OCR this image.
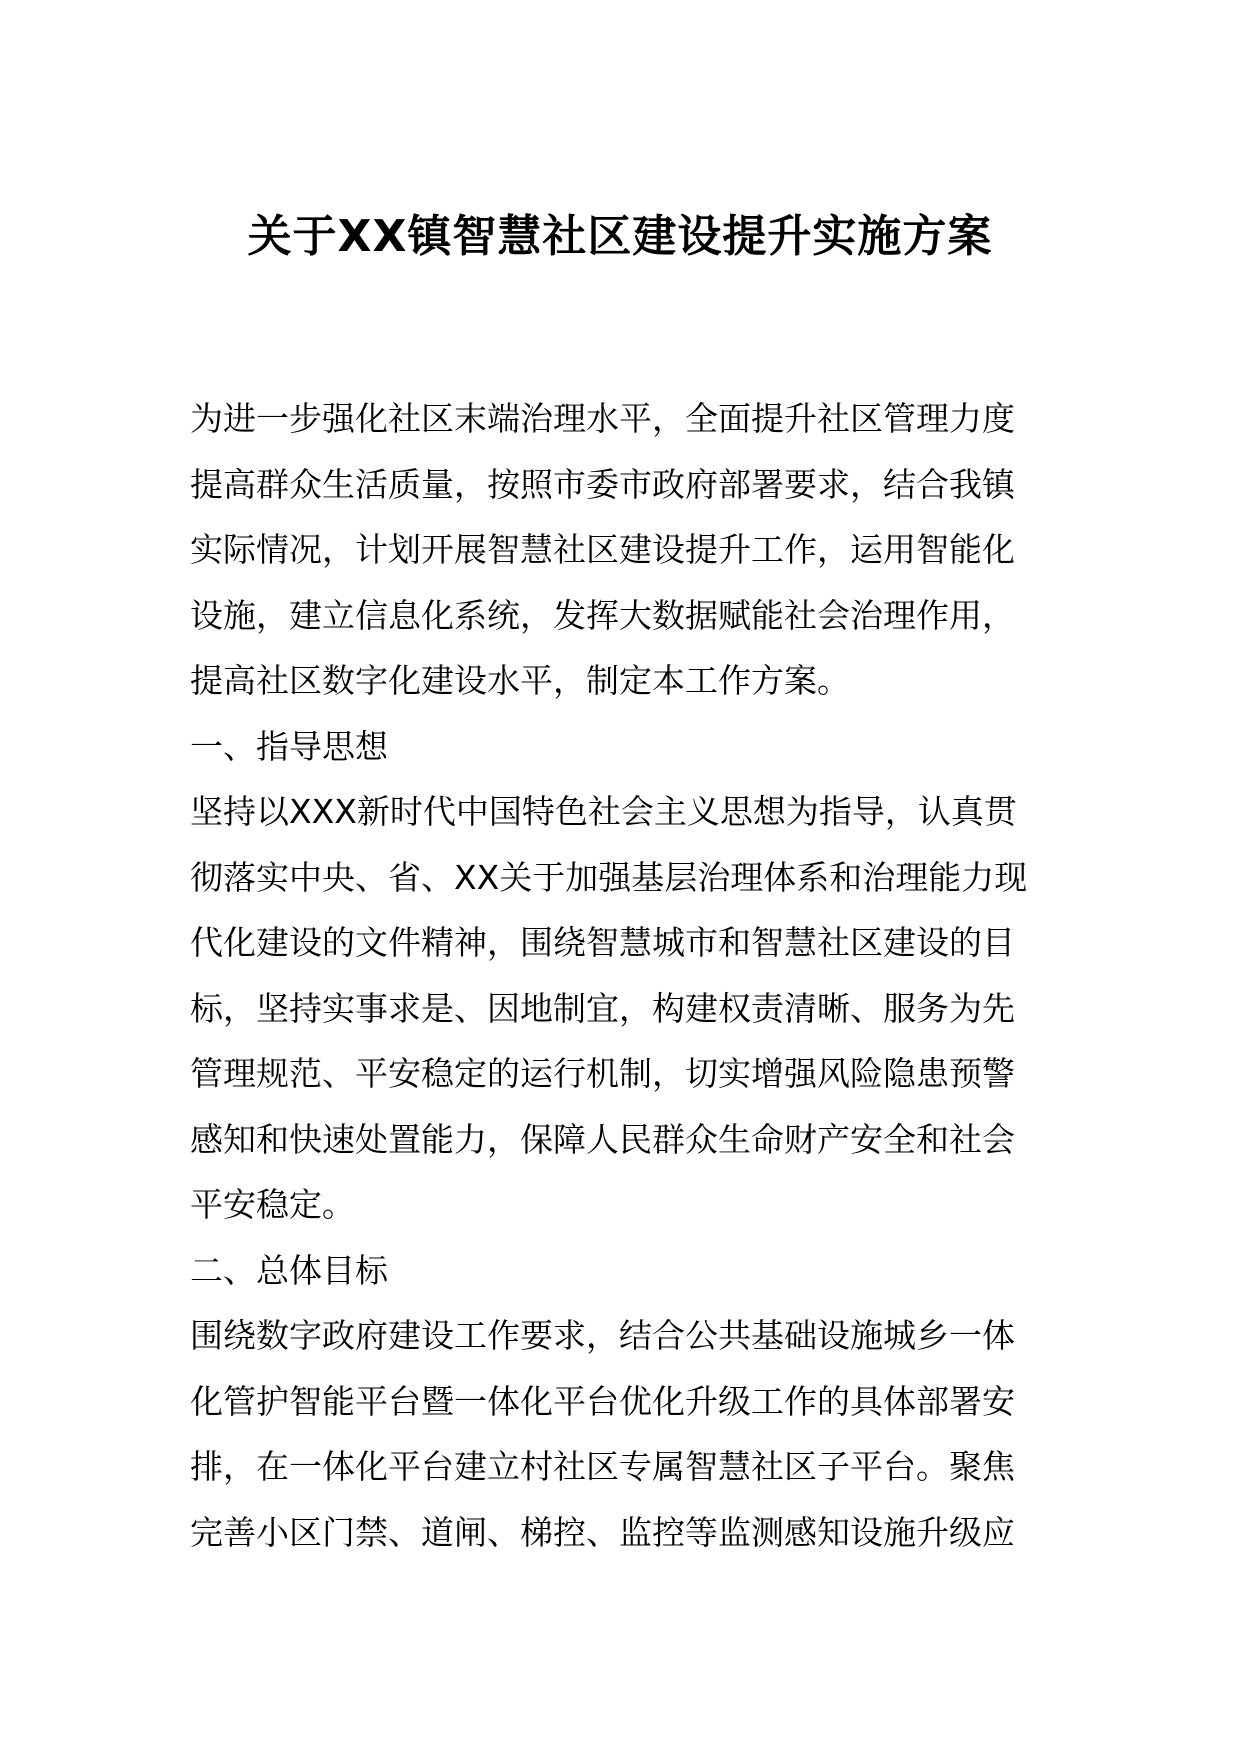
关于XX镇智慧社区建设提升实施方案
为进一步强化社区末端治理水平，全面提升社区管理力度
提高群众生活质量，按照市委市政府部署要求，结合我镇
实际情况，计划开展智慧社区建设提升工作，运用智能化
设施，建立信息化系统，发挥大数据赋能社会治理作用，
提高社区数字化建设水平，制定本工作方案。
一、指导思想
坚持以XXX新时代中国特色社会主义思想为指导，认真贯
彻落实中央、省、XX关于加强基层治理体系和治理能力现
代化建设的文件精神，围绕智慧城市和智慧社区建设的目
标，坚持实事求是、因地制宜，构建权责清晰、服务为先
管理规范、平安稳定的运行机制，切实增强风险隐患预警
感知和快速处置能力，保障人民群众生命财产安全和社会
平安稳定。
二、总体目标
围绕数字政府建设工作要求，结合公共基础设施城乡一体
化管护智能平台暨一体化平台优化升级工作的具体部署安
排，在一体化平台建立村社区专属智慧社区子平台。聚焦
完善小区门禁、道闸、梯控、监控等监测感知设施升级应
